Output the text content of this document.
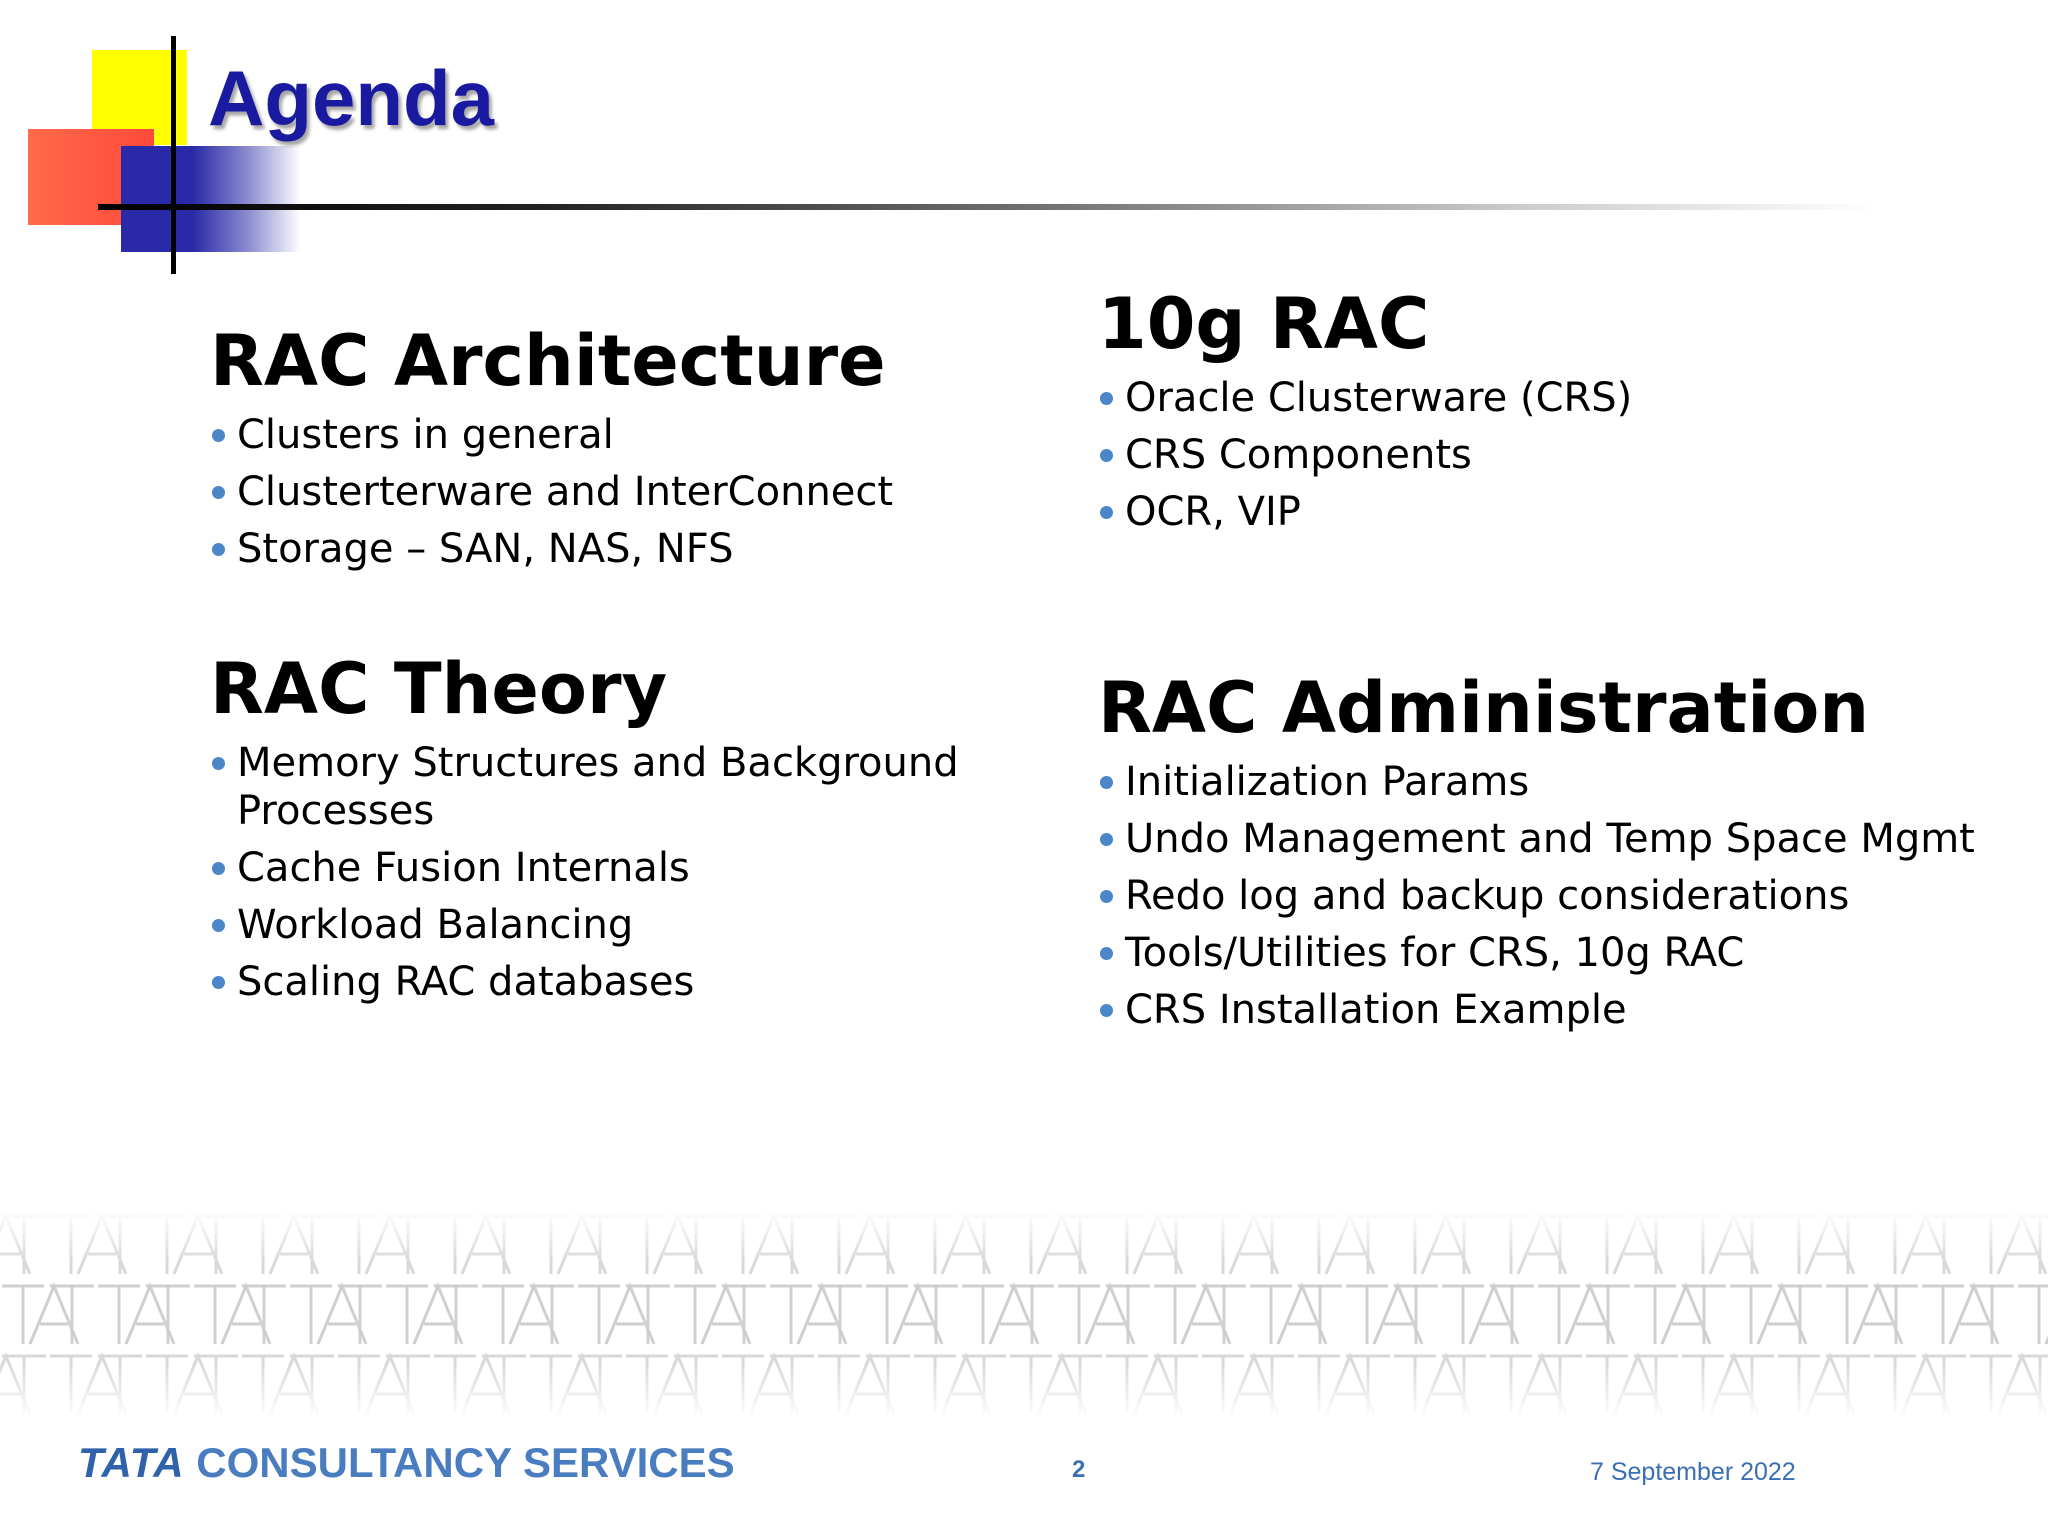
Agenda
RAC Architecture
Clusters in general
Clusterterware and InterConnect
Storage – SAN, NAS, NFS
10g RAC
Oracle Clusterware (CRS)
CRS Components
OCR, VIP
RAC Theory
Memory Structures and Background Processes
Cache Fusion Internals
Workload Balancing
Scaling RAC databases
RAC Administration
Initialization Params
Undo Management and Temp Space Mgmt
Redo log and backup considerations
Tools/Utilities for CRS, 10g RAC
CRS Installation Example
TATA CONSULTANCY SERVICES	2	7 September 2022
